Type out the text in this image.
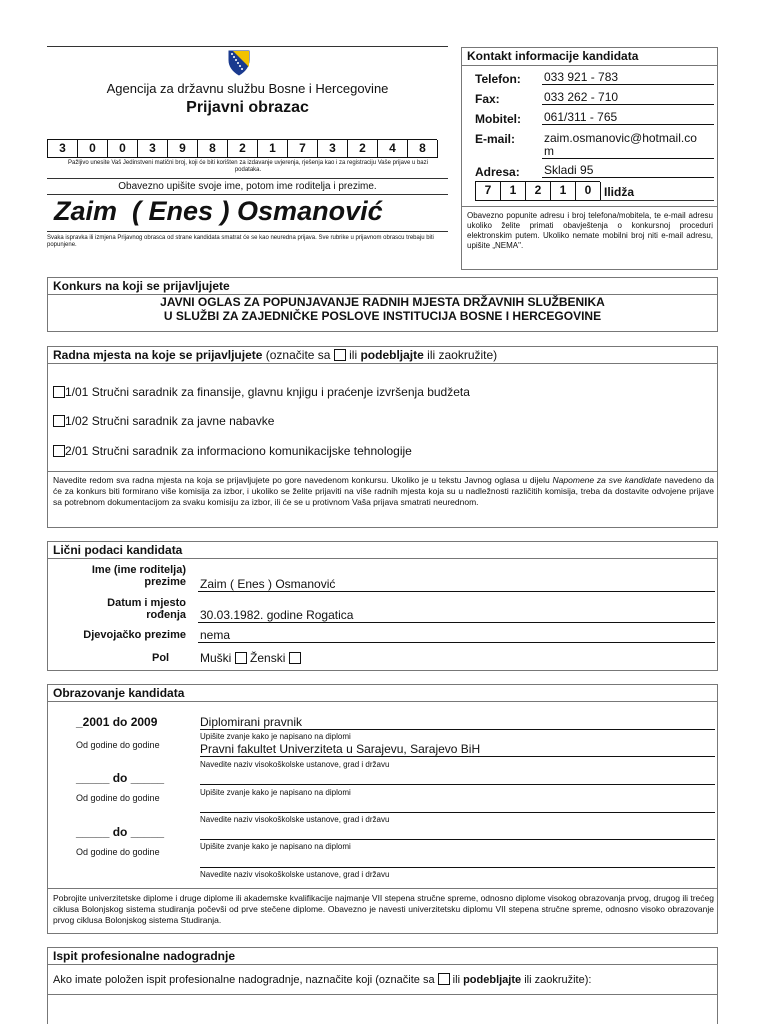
Agencija za državnu službu Bosne i Hercegovine
Prijavni obrazac
3	0	0	3	9	8	2	1	7	3	2	4	8
Pažljivo unesite Vaš Jedinstveni matični broj, koji će biti korišten za izdavanje uvjerenja, rješenja kao i za registraciju Vaše prijave u bazi podataka.
Obavezno upišite svoje ime, potom ime roditelja i prezime.
Zaim  ( Enes ) Osmanović
Svaka ispravka ili izmjena Prijavnog obrasca od strane kandidata smatrat će se kao neuredna prijava. Sve rubrike u prijavnom obrascu trebaju biti popunjene.
Kontakt informacije kandidata
Telefon: 033 921 - 783
Fax:	033 262 - 710
Mobitel: 061/311 - 765
E-mail: zaim.osmanovic@hotmail.co
m
Adresa: Skladi 95
7	1	2	1	0	Ilidža
Obavezno popunite adresu i broj telefona/mobitela, te e-mail adresu ukoliko želite primati obavještenja o konkursnoj proceduri elektronskim putem. Ukoliko nemate mobilni broj niti e-mail adresu, upišite „NEMA".
Konkurs na koji se prijavljujete
JAVNI OGLAS ZA POPUNJAVANJE RADNIH MJESTA DRŽAVNIH SLUŽBENIKA
U SLUŽBI ZA ZAJEDNIČKE POSLOVE INSTITUCIJA BOSNE I HERCEGOVINE
Radna mjesta na koje se prijavljujete (označite sa  ili podebljajte ili zaokružite)
1/01 Stručni saradnik za finansije, glavnu knjigu i praćenje izvršenja budžeta
1/02 Stručni saradnik za javne nabavke
2/01 Stručni saradnik za informaciono komunikacijske tehnologije
Navedite redom sva radna mjesta na koja se prijavljujete po gore navedenom konkursu. Ukoliko je u tekstu Javnog oglasa u dijelu Napomene za sve kandidate navedeno da će za konkurs biti formirano više komisija za izbor, i ukoliko se želite prijaviti na više radnih mjesta koja su u nadležnosti različitih komisija, treba da dostavite odvojene prijave sa potrebnom dokumentacijom za svaku komisiju za izbor, ili će se u protivnom Vaša prijava smatrati neurednom.
Lični podaci kandidata
Ime (ime roditelja)
prezime Zaim ( Enes ) Osmanović
Datum i mjesto
rođenja 30.03.1982. godine Rogatica
Djevojačko prezime nema
Pol	Muški Ženski
Obrazovanje kandidata
_2001 do 2009
Od godine do godine
Diplomirani pravnik
Upišite zvanje kako je napisano na diplomi
Pravni fakultet Univerziteta u Sarajevu, Sarajevo BiH
Navedite naziv visokoškolske ustanove, grad i državu
_____ do _____
Od godine do godine
Upišite zvanje kako je napisano na diplomi
Navedite naziv visokoškolske ustanove, grad i državu
_____ do _____
Od godine do godine
Upišite zvanje kako je napisano na diplomi
Navedite naziv visokoškolske ustanove, grad i državu
Pobrojite univerzitetske diplome i druge diplome ili akademske kvalifikacije najmanje VII stepena stručne spreme, odnosno diplome visokog obrazovanja prvog, drugog ili trećeg ciklusa Bolonjskog sistema studiranja počevši od prve stečene diplome. Obavezno je navesti univerzitetsku diplomu VII stepena stručne spreme, odnosno visoko obrazovanje prvog ciklusa Bolonjskog sistema Studiranja.
Ispit profesionalne nadogradnje
Ako imate položen ispit profesionalne nadogradnje, naznačite koji (označite sa  ili podebljajte ili zaokružite):
